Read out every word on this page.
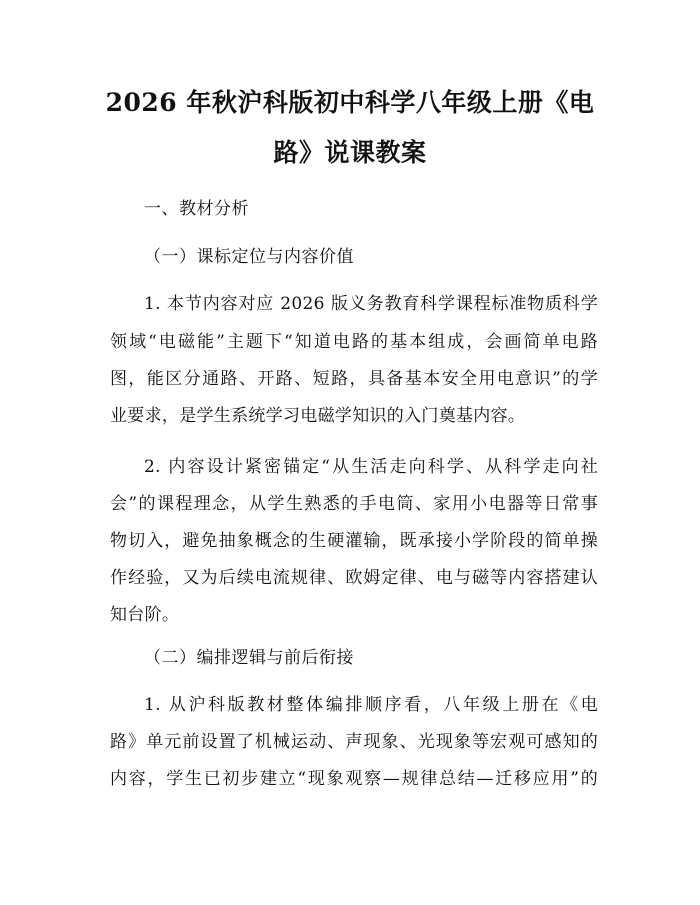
2026 年秋沪科版初中科学八年级上册《电
路》说课教案
一、教材分析
（一）课标定位与内容价值
1. 本节内容对应 2026 版义务教育科学课程标准物质科学
领域“电磁能”主题下“知道电路的基本组成，会画简单电路
图，能区分通路、开路、短路，具备基本安全用电意识”的学
业要求，是学生系统学习电磁学知识的入门奠基内容。
2. 内容设计紧密锚定“从生活走向科学、从科学走向社
会”的课程理念，从学生熟悉的手电筒、家用小电器等日常事
物切入，避免抽象概念的生硬灌输，既承接小学阶段的简单操
作经验，又为后续电流规律、欧姆定律、电与磁等内容搭建认
知台阶。
（二）编排逻辑与前后衔接
1. 从沪科版教材整体编排顺序看，八年级上册在《电
路》单元前设置了机械运动、声现象、光现象等宏观可感知的
内容，学生已初步建立“现象观察—规律总结—迁移应用”的
